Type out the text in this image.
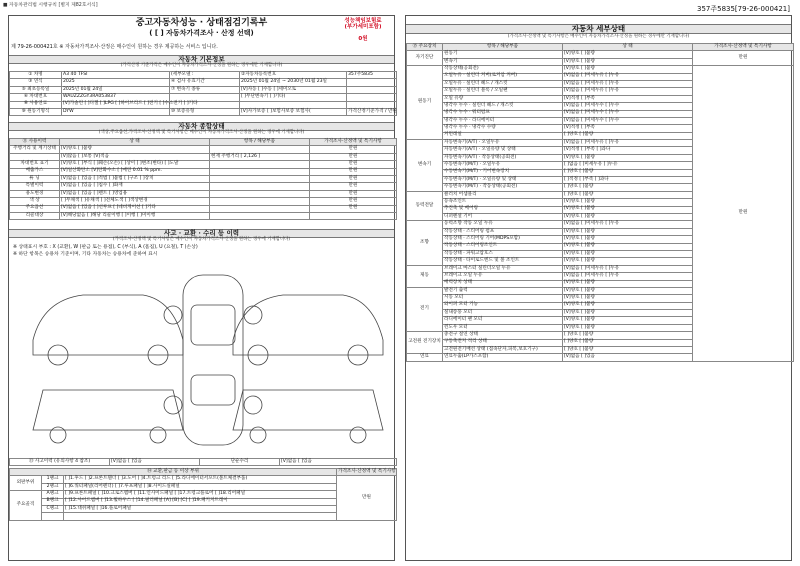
■ 자동차관리법 시행규칙 [별지 제82호서식]	357주5835[79-26-000421]
중고자동차성능 · 상태점검기록부
( [ ] 자동차가격조사 · 산정 선택)
성능책임보험료
(부가세미포함)
0원
제 79-26-000421호 ※ 자동차가격조사·산정은 매수인이 원하는 경우 제공하는 서비스 입니다.
자동차 기본정보
(가격산정 기준가격은 매수인이 자동차가격조사·산정을 원하는 경우에만 기재합니다)
① 차명	A3 40 TFSI	(세부모델 :	②자동차등록번호	357주5835
③ 연식	2025	④ 검사 유효기간	2025년 01월 24일 ~ 2030년 01월 23일	
⑤ 최초등록일	2025년 01월 24일	⑦ 변속기 종류	[V]자동 [ ]수동 [ ]세미오토	
⑥ 차대번호	WAUZZZGY3RA053837		[ ]무단변속기 [ ]기타(	
⑧ 사용연료	[V]가솔린 [ ]디젤 [ ]LPG [ ]하이브리드 [ ]전기 [ ]수소전기 [ ]기타			
⑨ 원동기형식	DYW	⑩ 보증유형	[V]자가보증 [ ]보험사보증 보험사(	가격산정기준가격 / 만원
자동차 종합상태
(색상,주요옵션,가격조사·산정액 및 특기사항은 매수인이 자동차가격조사·산정을 원하는 경우에 기재합니다)
⑪ 사용이력	상 태	항목 / 해당부품	가격조사·산정액 및 특기사항
주행거리 및 계기상태	[V]양호 [ ]불량		만원
	[V]많음 [ ]보통 [V]적음	현재 주행거리 [ 2,126 ]	만원
차대번호 표기	[V]양호 [ ]부식 [ ]훼손(오손) [ ]상이 [ ]변조(변타) [ ]도말		만원
배출가스	[V]일산화탄소 [V]탄화수소 [ ]매연 0.01 % ppm.		만원
튜 닝	[V]없음 [ ]있음 [ ]적법 [ ]불법 [ ]구조 [ ]장치		만원
특별이력	[V]없음 [ ]있음 [ ]침수 [ ]화재		만원
용도변경	[V]없음 [ ]있음 [ ]렌트 [ ]영업용		만원
색 상	[ ]무채색 [ ]유채색 [ ]전체도색 [ ]색상변경		만원
주요옵션	[V]없음 [ ]있음 [ ]선루프 [ ]네비게이션 [ ]기타		만원
리콜대상	[V]해당없음 [ ]해당 리콜이행 [ ]이행 [ ]미이행		
사고 · 교환 · 수리 등 이력
(가격조사·산정액 및 특기사항은 매수인이 자동차가격조사·산정을 원하는 경우에 기재합니다)
※ 상태표시 부호 : X (교환), W (판금 또는 용접), C (부식), A (흠집), U (요철), T (손상)
※ 하단 항목은 승용차 기준이며, 기타 자동차는 승용차에 준하여 표시
⑬ 사고이력 (유의사항 4 참조)	[V]없음 [ ]있음	단순수리	[V]없음 [ ]있음
⑭ 교환,판금 등 이상 부위			가격조사·산정액 및 특기사항
외판부위	1랭크	[ ]1.후드 [ ]2.프론트휀더 [ ]3.도어 [ ]4.트렁크 리드 [ ]5.라디에이터서포트(볼트체결부품)	만원

	2랭크	[ ]6.쿼터패널(리어펜더) [ ]7.루프패널 [ ]8.사이드실패널	
주요골격	A랭크	[ ]9.프론트패널 [ ]10.크로스멤버 [ ]11.인사이드패널 [ ]17.트렁크플로어 [ ]18.리어패널	

	B랭크	[ ]12.사이드멤버 [ ]13.휠하우스 [ ]14.필러패널 [A] [B] [C] [ ]19.패키지트레이	

	C랭크	[ ]15.대쉬패널 [ ]16.플로어패널	

자동차 세부상태
(가격조사·산정액 및 특기사항은 매수인이 자동차가격조사·산정을 원하는 경우에만 기재합니다)
⑮ 주요장치	항목 / 해당부품	상 태	가격조사·산정액 및 특기사항
자기진단	원동기	[V]양호 [ ]불량	만원
	변속기	[V]양호 [ ]불량	
원동기	작동상태(공회전)	[V]양호 [ ]불량	만원
	오일누유 · 실린더 커버(로커암 커버)	[V]없음 [ ]미세누유 [ ]누유	
	오일누유 · 실린더 헤드 / 개스킷	[V]없음 [ ]미세누유 [ ]누유	
	오일누유 · 실린더 블록 / 오일팬	[V]없음 [ ]미세누유 [ ]누유	
	오일 유량	[V]적정 [ ]부족	
	냉각수 누수 · 실린더 헤드 / 개스킷	[V]없음 [ ]미세누수 [ ]누수	
	냉각수 누수 · 워터펌프	[V]없음 [ ]미세누수 [ ]누수	
	냉각수 누수 · 라디에이터	[V]없음 [ ]미세누수 [ ]누수	
	냉각수 누수 · 냉각수 수량	[V]적정 [ ]부족	
	커먼레일	[ ]양호 [ ]불량	
변속기	자동변속기(A/T) · 오일누유	[V]없음 [ ]미세누유 [ ]누유	
	자동변속기(A/T) · 오일유량 및 상태	[V]적정 [ ]부족 [ ]과다	
	자동변속기(A/T) · 작동상태(공회전)	[V]양호 [ ]불량	
	수동변속기(M/T) · 오일누유	[ ]없음 [ ]미세누유 [ ]누유	
	수동변속기(M/T) · 기어변속장치	[ ]양호 [ ]불량	
	수동변속기(M/T) · 오일유량 및 상태	[ ]적정 [ ]부족 [ ]과다	
	수동변속기(M/T) · 작동상태(공회전)	[ ]양호 [ ]불량	
동력전달	클러치 어셈블리	[ ]양호 [ ]불량	
	등속조인트	[V]양호 [ ]불량	
	추진축 및 베어링	[V]양호 [ ]불량	
	디퍼렌셜 기어	[V]양호 [ ]불량	
조향	동력조향 작동 오일 누유	[V]없음 [ ]미세누유 [ ]누유	
	작동상태 · 스티어링 펌프	[V]양호 [ ]불량	
	작동상태 · 스티어링 기어(MDPS포함)	[V]양호 [ ]불량	
	작동상태 · 스티어링조인트	[V]양호 [ ]불량	
	작동상태 · 파워고압호스	[V]양호 [ ]불량	
	작동상태 · 타이로드엔드 및 볼 조인트	[V]양호 [ ]불량	
제동	브레이크 마스터 실린더오일 누유	[V]없음 [ ]미세누유 [ ]누유	
	브레이크 오일 누유	[V]없음 [ ]미세누유 [ ]누유	
	배력장치 상태	[V]양호 [ ]불량	
전기	발전기 출력	[V]양호 [ ]불량	
	시동 모터	[V]양호 [ ]불량	
	와이퍼 모터 기능	[V]양호 [ ]불량	
	실내송풍 모터	[V]양호 [ ]불량	
	라디에이터 팬 모터	[V]양호 [ ]불량	
	윈도우 모터	[V]양호 [ ]불량	
고전원 전기장치	충전구 절연 상태	[ ]양호 [ ]불량	
	구동축전지 격리 상태	[ ]양호 [ ]불량	
	고전원전기배선 상태 (접속단자,피복,보호기구)	[ ]양호 [ ]불량	
연료	연료누출(LP가스포함)	[V]없음 [ ]있음	
